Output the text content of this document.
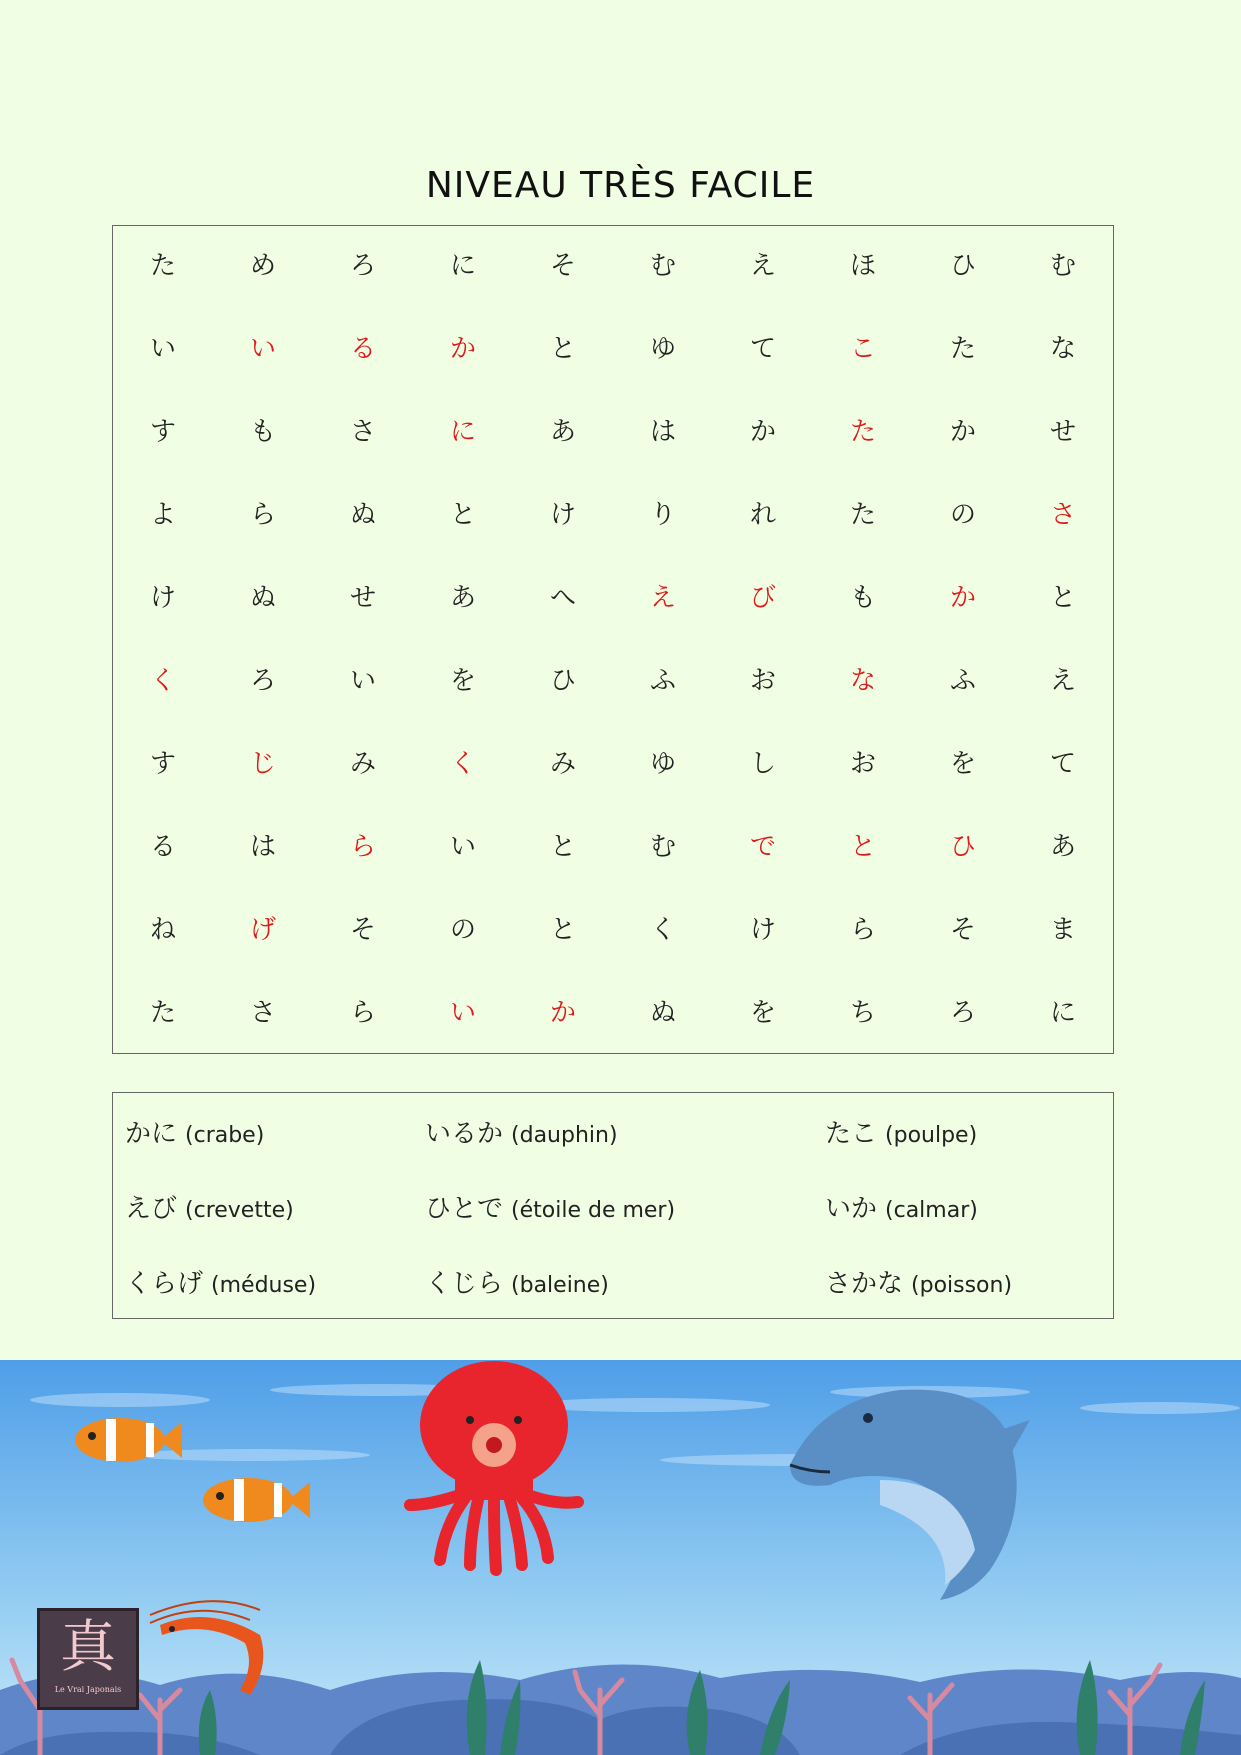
NIVEAU TRÈS FACILE
た	め	ろ	に	そ	む	え	ほ	ひ	む
い	い	る	か	と	ゆ	て	こ	た	な
す	も	さ	に	あ	は	か	た	か	せ
よ	ら	ぬ	と	け	り	れ	た	の	さ
け	ぬ	せ	あ	へ	え	び	も	か	と
く	ろ	い	を	ひ	ふ	お	な	ふ	え
す	じ	み	く	み	ゆ	し	お	を	て
る	は	ら	い	と	む	で	と	ひ	あ
ね	げ	そ	の	と	く	け	ら	そ	ま
た	さ	ら	い	か	ぬ	を	ち	ろ	に
かに (crabe)	いるか (dauphin)	たこ (poulpe)
えび (crevette)	ひとで (étoile de mer)	いか (calmar)
くらげ (méduse)	くじら (baleine)	さかな (poisson)
真
Le Vrai Japonais
